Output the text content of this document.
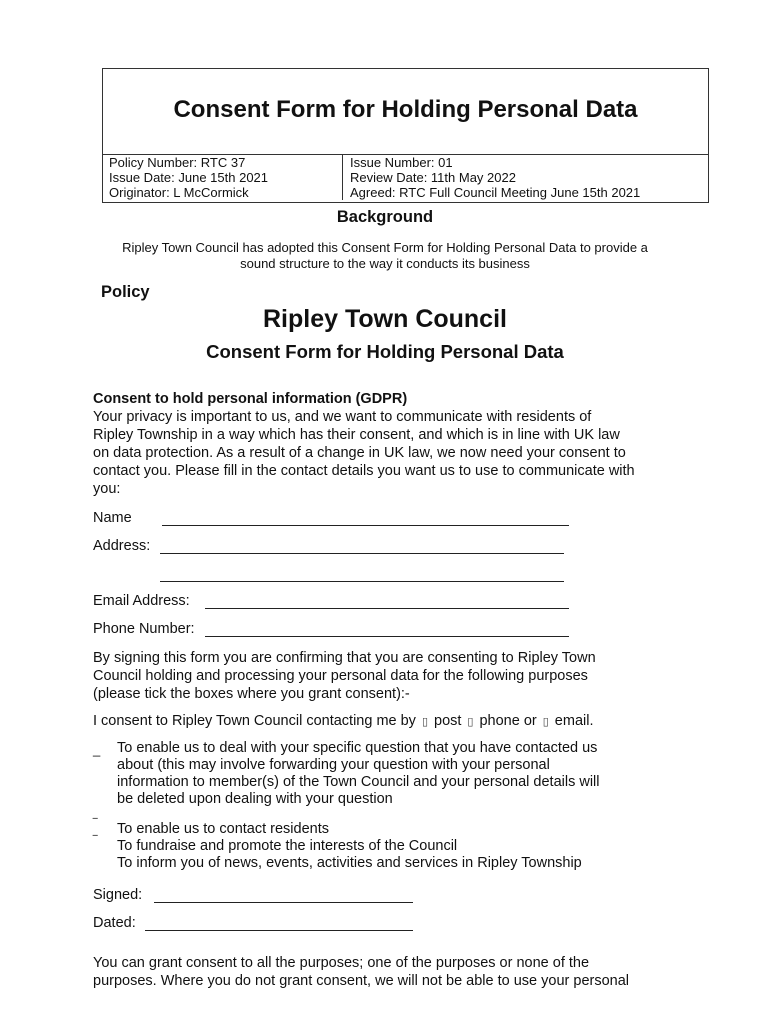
Consent Form for Holding Personal Data
Policy Number: RTC 37	Issue Number: 01
Issue Date: June 15th 2021	Review Date: 11th May 2022
Originator: L McCormick	Agreed: RTC Full Council Meeting June 15th 2021
Background
Ripley Town Council has adopted this Consent Form for Holding Personal Data to provide a
sound structure to the way it conducts its business
Policy
Ripley Town Council
Consent Form for Holding Personal Data
Consent to hold personal information (GDPR)
Your privacy is important to us, and we want to communicate with residents of
Ripley Township in a way which has their consent, and which is in line with UK law
on data protection. As a result of a change in UK law, we now need your consent to
contact you. Please fill in the contact details you want us to use to communicate with
you:
Name
Address:
Email Address:
Phone Number:
By signing this form you are confirming that you are consenting to Ripley Town
Council holding and processing your personal data for the following purposes
(please tick the boxes where you grant consent):-
I consent to Ripley Town Council contacting me by ▯ post ▯ phone or ▯ email.
_ To enable us to deal with your specific question that you have contacted us
about (this may involve forwarding your question with your personal
information to member(s) of the Town Council and your personal details will
be deleted upon dealing with your question
‾
‾
To enable us to contact residents
To fundraise and promote the interests of the Council
To inform you of news, events, activities and services in Ripley Township
Signed:
Dated:
You can grant consent to all the purposes; one of the purposes or none of the
purposes. Where you do not grant consent, we will not be able to use your personal
